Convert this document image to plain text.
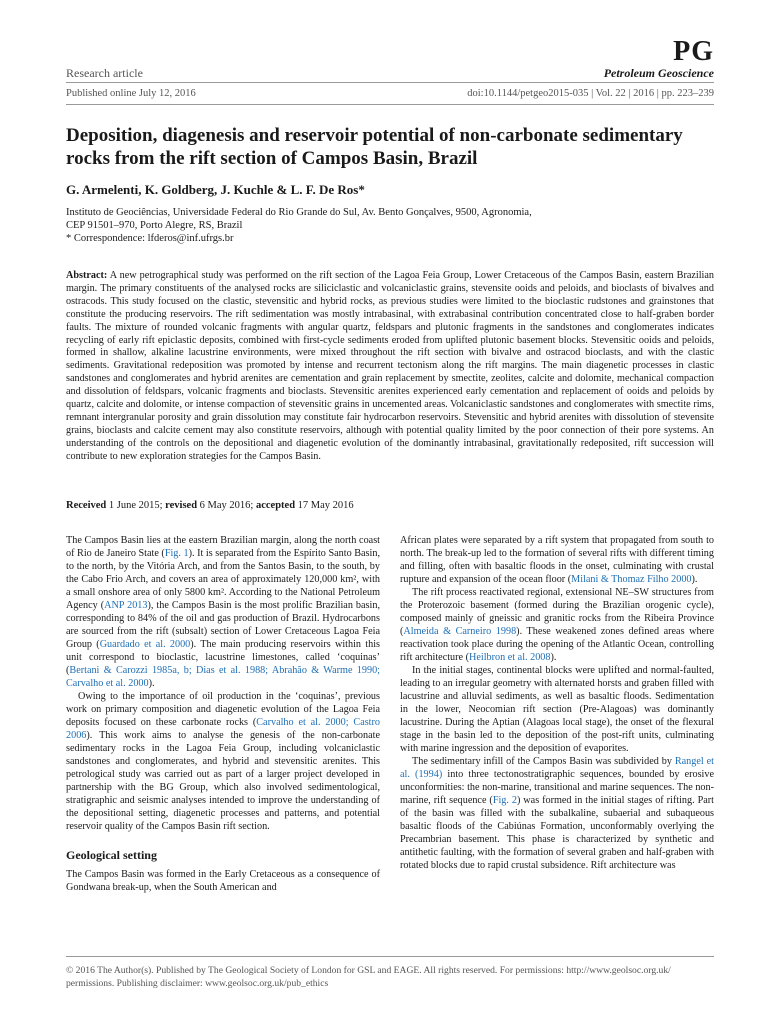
PG
Research article	Petroleum Geoscience
Published online July 12, 2016	doi:10.1144/petgeo2015-035 | Vol. 22 | 2016 | pp. 223–239
Deposition, diagenesis and reservoir potential of non-carbonate sedimentary rocks from the rift section of Campos Basin, Brazil
G. Armelenti, K. Goldberg, J. Kuchle & L. F. De Ros*
Instituto de Geociências, Universidade Federal do Rio Grande do Sul, Av. Bento Gonçalves, 9500, Agronomia,
CEP 91501–970, Porto Alegre, RS, Brazil
* Correspondence: lfderos@inf.ufrgs.br
Abstract: A new petrographical study was performed on the rift section of the Lagoa Feia Group, Lower Cretaceous of the Campos Basin, eastern Brazilian margin. The primary constituents of the analysed rocks are siliciclastic and volcaniclastic grains, stevensite ooids and peloids, and bioclasts of bivalves and ostracods. This study focused on the clastic, stevensitic and hybrid rocks, as previous studies were limited to the bioclastic rudstones and grainstones that constitute the producing reservoirs. The rift sedimentation was mostly intrabasinal, with extrabasinal contribution concentrated close to half-graben border faults. The mixture of rounded volcanic fragments with angular quartz, feldspars and plutonic fragments in the sandstones and conglomerates indicates recycling of early rift epiclastic deposits, combined with first-cycle sediments eroded from uplifted plutonic basement blocks. Stevensitic ooids and peloids, formed in shallow, alkaline lacustrine environments, were mixed throughout the rift section with bivalve and ostracod bioclasts, and with the clastic sediments. Gravitational redeposition was promoted by intense and recurrent tectonism along the rift margins. The main diagenetic processes in clastic sandstones and conglomerates and hybrid arenites are cementation and grain replacement by smectite, zeolites, calcite and dolomite, mechanical compaction and dissolution of feldspars, volcanic fragments and bioclasts. Stevensitic arenites experienced early cementation and replacement of ooids and peloids by quartz, calcite and dolomite, or intense compaction of stevensitic grains in uncemented areas. Volcaniclastic sandstones and conglomerates with smectite rims, remnant intergranular porosity and grain dissolution may constitute fair hydrocarbon reservoirs. Stevensitic and hybrid arenites with dissolution of stevensite grains, bioclasts and calcite cement may also constitute reservoirs, although with potential quality limited by the poor connection of their pore systems. An understanding of the controls on the depositional and diagenetic evolution of the dominantly intrabasinal, gravitationally redeposited, rift succession will contribute to new exploration strategies for the Campos Basin.
Received 1 June 2015; revised 6 May 2016; accepted 17 May 2016

The Campos Basin lies at the eastern Brazilian margin, along the north coast of Rio de Janeiro State (Fig. 1). It is separated from the Espírito Santo Basin, to the north, by the Vitória Arch, and from the Santos Basin, to the south, by the Cabo Frio Arch, and covers an area of approximately 120,000 km², with a small onshore area of only 5800 km². According to the National Petroleum Agency (ANP 2013), the Campos Basin is the most prolific Brazilian basin, corresponding to 84% of the oil and gas production of Brazil. Hydrocarbons are sourced from the rift (subsalt) section of Lower Cretaceous Lagoa Feia Group (Guardado et al. 2000). The main producing reservoirs within this unit correspond to bioclastic, lacustrine limestones, called ‘coquinas’ (Bertani & Carozzi 1985a, b; Dias et al. 1988; Abrahão & Warme 1990; Carvalho et al. 2000).

Owing to the importance of oil production in the ‘coquinas’, previous work on primary composition and diagenetic evolution of the Lagoa Feia deposits focused on these carbonate rocks (Carvalho et al. 2000; Castro 2006). This work aims to analyse the genesis of the non-carbonate sedimentary rocks in the Lagoa Feia Group, including volcaniclastic sandstones and conglomerates, and hybrid and stevensitic arenites. This petrological study was carried out as part of a larger project developed in partnership with the BG Group, which also involved sedimentological, stratigraphic and seismic analyses intended to improve the understanding of the depositional setting, diagenetic processes and patterns, and potential reservoir quality of the Campos Basin rift section.

Geological setting

The Campos Basin was formed in the Early Cretaceous as a consequence of Gondwana break-up, when the South American and

African plates were separated by a rift system that propagated from south to north. The break-up led to the formation of several rifts with different timing and filling, often with basaltic floods in the onset, culminating with crustal rupture and expansion of the ocean floor (Milani & Thomaz Filho 2000).

The rift process reactivated regional, extensional NE–SW structures from the Proterozoic basement (formed during the Brazilian orogenic cycle), composed mainly of gneissic and granitic rocks from the Ribeira Province (Almeida & Carneiro 1998). These weakened zones defined areas where reactivation took place during the opening of the Atlantic Ocean, controlling rift architecture (Heilbron et al. 2008).

In the initial stages, continental blocks were uplifted and normal-faulted, leading to an irregular geometry with alternated horsts and graben filled with lacustrine and alluvial sediments, as well as basaltic floods. Sedimentation in the lower, Neocomian rift section (Pre-Alagoas) was dominantly lacustrine. During the Aptian (Alagoas local stage), the onset of the flexural stage in the basin led to the deposition of the post-rift units, culminating with marine ingression and the deposition of evaporites.

The sedimentary infill of the Campos Basin was subdivided by Rangel et al. (1994) into three tectonostratigraphic sequences, bounded by erosive unconformities: the non-marine, transitional and marine sequences. The non-marine, rift sequence (Fig. 2) was formed in the initial stages of rifting. Part of the basin was filled with the subalkaline, subaerial and subaqueous basaltic floods of the Cabiúnas Formation, unconformably overlying the Precambrian basement. This phase is characterized by synthetic and antithetic faulting, with the formation of several graben and half-graben with rotated blocks due to rapid crustal subsidence. Rift architecture was

© 2016 The Author(s). Published by The Geological Society of London for GSL and EAGE. All rights reserved. For permissions: http://www.geolsoc.org.uk/ permissions. Publishing disclaimer: www.geolsoc.org.uk/pub_ethics
